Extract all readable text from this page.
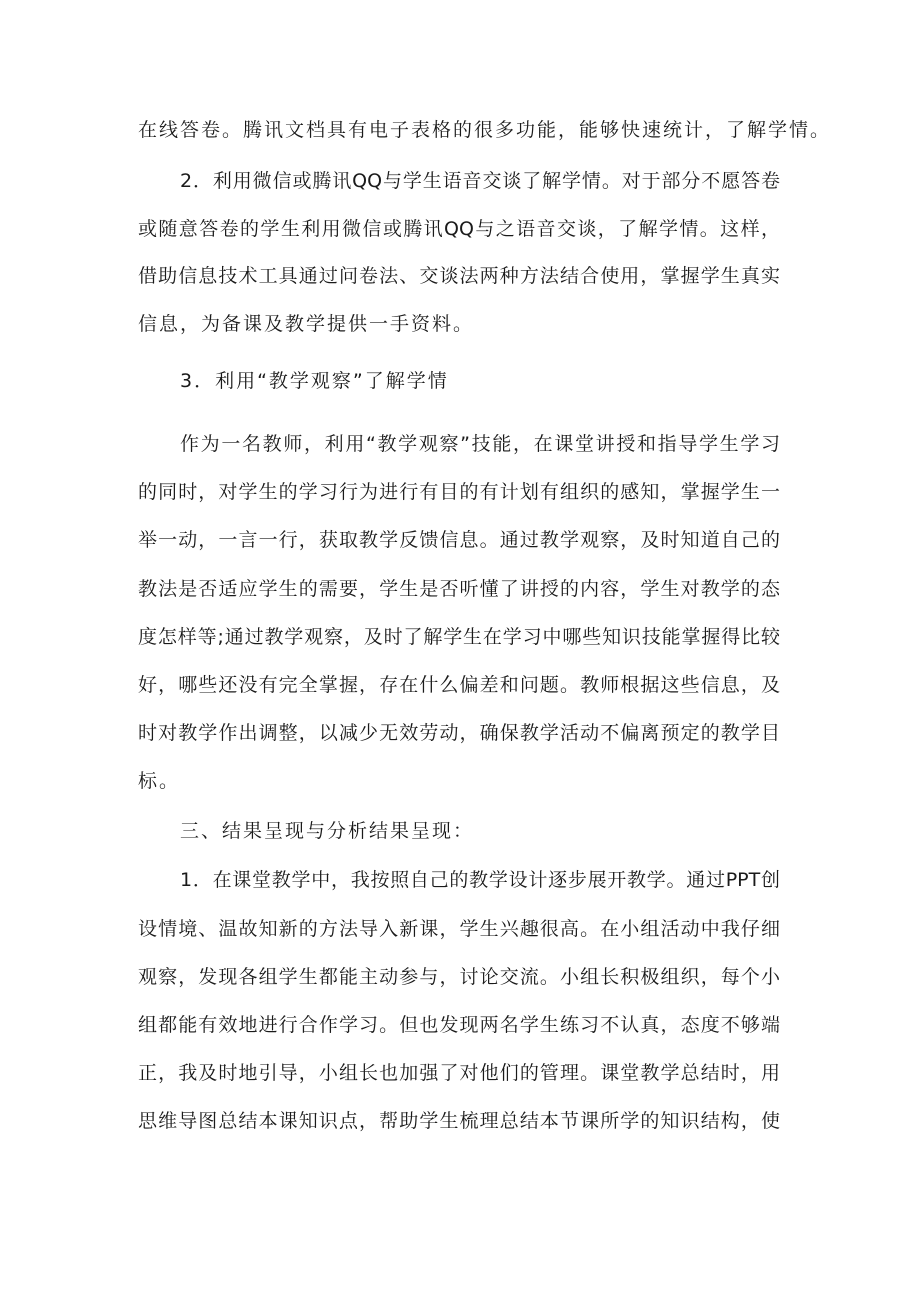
在线答卷。腾讯文档具有电子表格的很多功能，能够快速统计，了解学情。

2．利用微信或腾讯QQ与学生语音交谈了解学情。对于部分不愿答卷

或随意答卷的学生利用微信或腾讯QQ与之语音交谈，了解学情。这样，

借助信息技术工具通过问卷法、交谈法两种方法结合使用，掌握学生真实

信息，为备课及教学提供一手资料。

3．利用“教学观察”了解学情

作为一名教师，利用“教学观察”技能，在课堂讲授和指导学生学习

的同时，对学生的学习行为进行有目的有计划有组织的感知，掌握学生一

举一动，一言一行，获取教学反馈信息。通过教学观察，及时知道自己的

教法是否适应学生的需要，学生是否听懂了讲授的内容，学生对教学的态

度怎样等;通过教学观察，及时了解学生在学习中哪些知识技能掌握得比较

好，哪些还没有完全掌握，存在什么偏差和问题。教师根据这些信息，及

时对教学作出调整，以减少无效劳动，确保教学活动不偏离预定的教学目

标。

三、结果呈现与分析结果呈现：

1．在课堂教学中，我按照自己的教学设计逐步展开教学。通过PPT创

设情境、温故知新的方法导入新课，学生兴趣很高。在小组活动中我仔细

观察，发现各组学生都能主动参与，讨论交流。小组长积极组织，每个小

组都能有效地进行合作学习。但也发现两名学生练习不认真，态度不够端

正，我及时地引导，小组长也加强了对他们的管理。课堂教学总结时，用

思维导图总结本课知识点，帮助学生梳理总结本节课所学的知识结构，使
